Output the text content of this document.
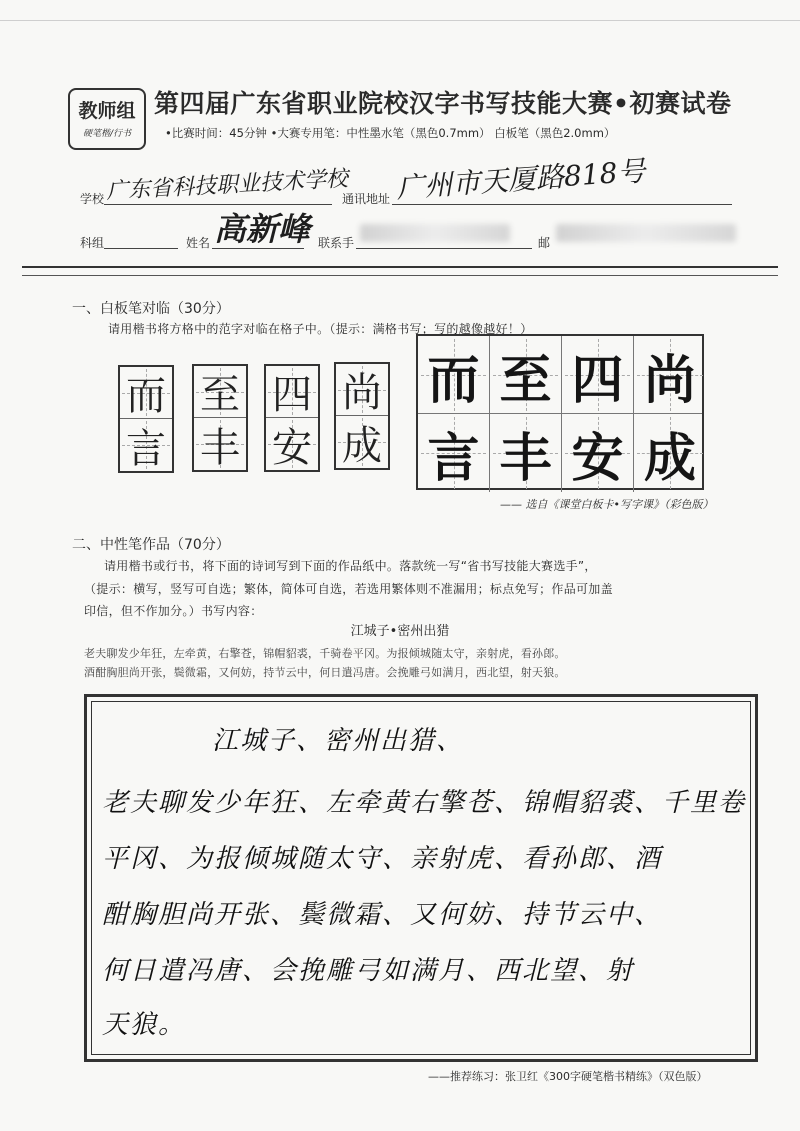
教师组
硬笔楷/行书
第四届广东省职业院校汉字书写技能大赛•初赛试卷
•比赛时间：45分钟 •大赛专用笔：中性墨水笔（黑色0.7mm） 白板笔（黑色2.0mm）
学校 广东省科技职业技术学校
通讯地址 广州市天厦路818号
科组	姓名 高新峰 联系手	邮
一、白板笔对临（30分）
请用楷书将方格中的范字对临在格子中。（提示：满格书写；写的越像越好！）
而
言
至
丰
四
安
尚
成
而 至 四 尚
言 丰 安 成
—— 选自《课堂白板卡•写字课》（彩色版）
二、中性笔作品（70分）
请用楷书或行书，将下面的诗词写到下面的作品纸中。落款统一写“省书写技能大赛选手”，
（提示：横写，竖写可自选；繁体，简体可自选，若选用繁体则不准漏用；标点免写；作品可加盖
印信，但不作加分。）书写内容：
江城子•密州出猎
老夫聊发少年狂，左牵黄，右擎苍，锦帽貂裘，千骑卷平冈。为报倾城随太守，亲射虎，看孙郎。
酒酣胸胆尚开张，鬓微霜，又何妨，持节云中，何日遣冯唐。会挽雕弓如满月，西北望，射天狼。
江城子、密州出猎、
老夫聊发少年狂、左牵黄右擎苍、锦帽貂裘、千里卷
平冈、为报倾城随太守、亲射虎、看孙郎、酒
酣胸胆尚开张、鬓微霜、又何妨、持节云中、
何日遣冯唐、会挽雕弓如满月、西北望、射
天狼。
——推荐练习：张卫红《300字硬笔楷书精练》（双色版）
